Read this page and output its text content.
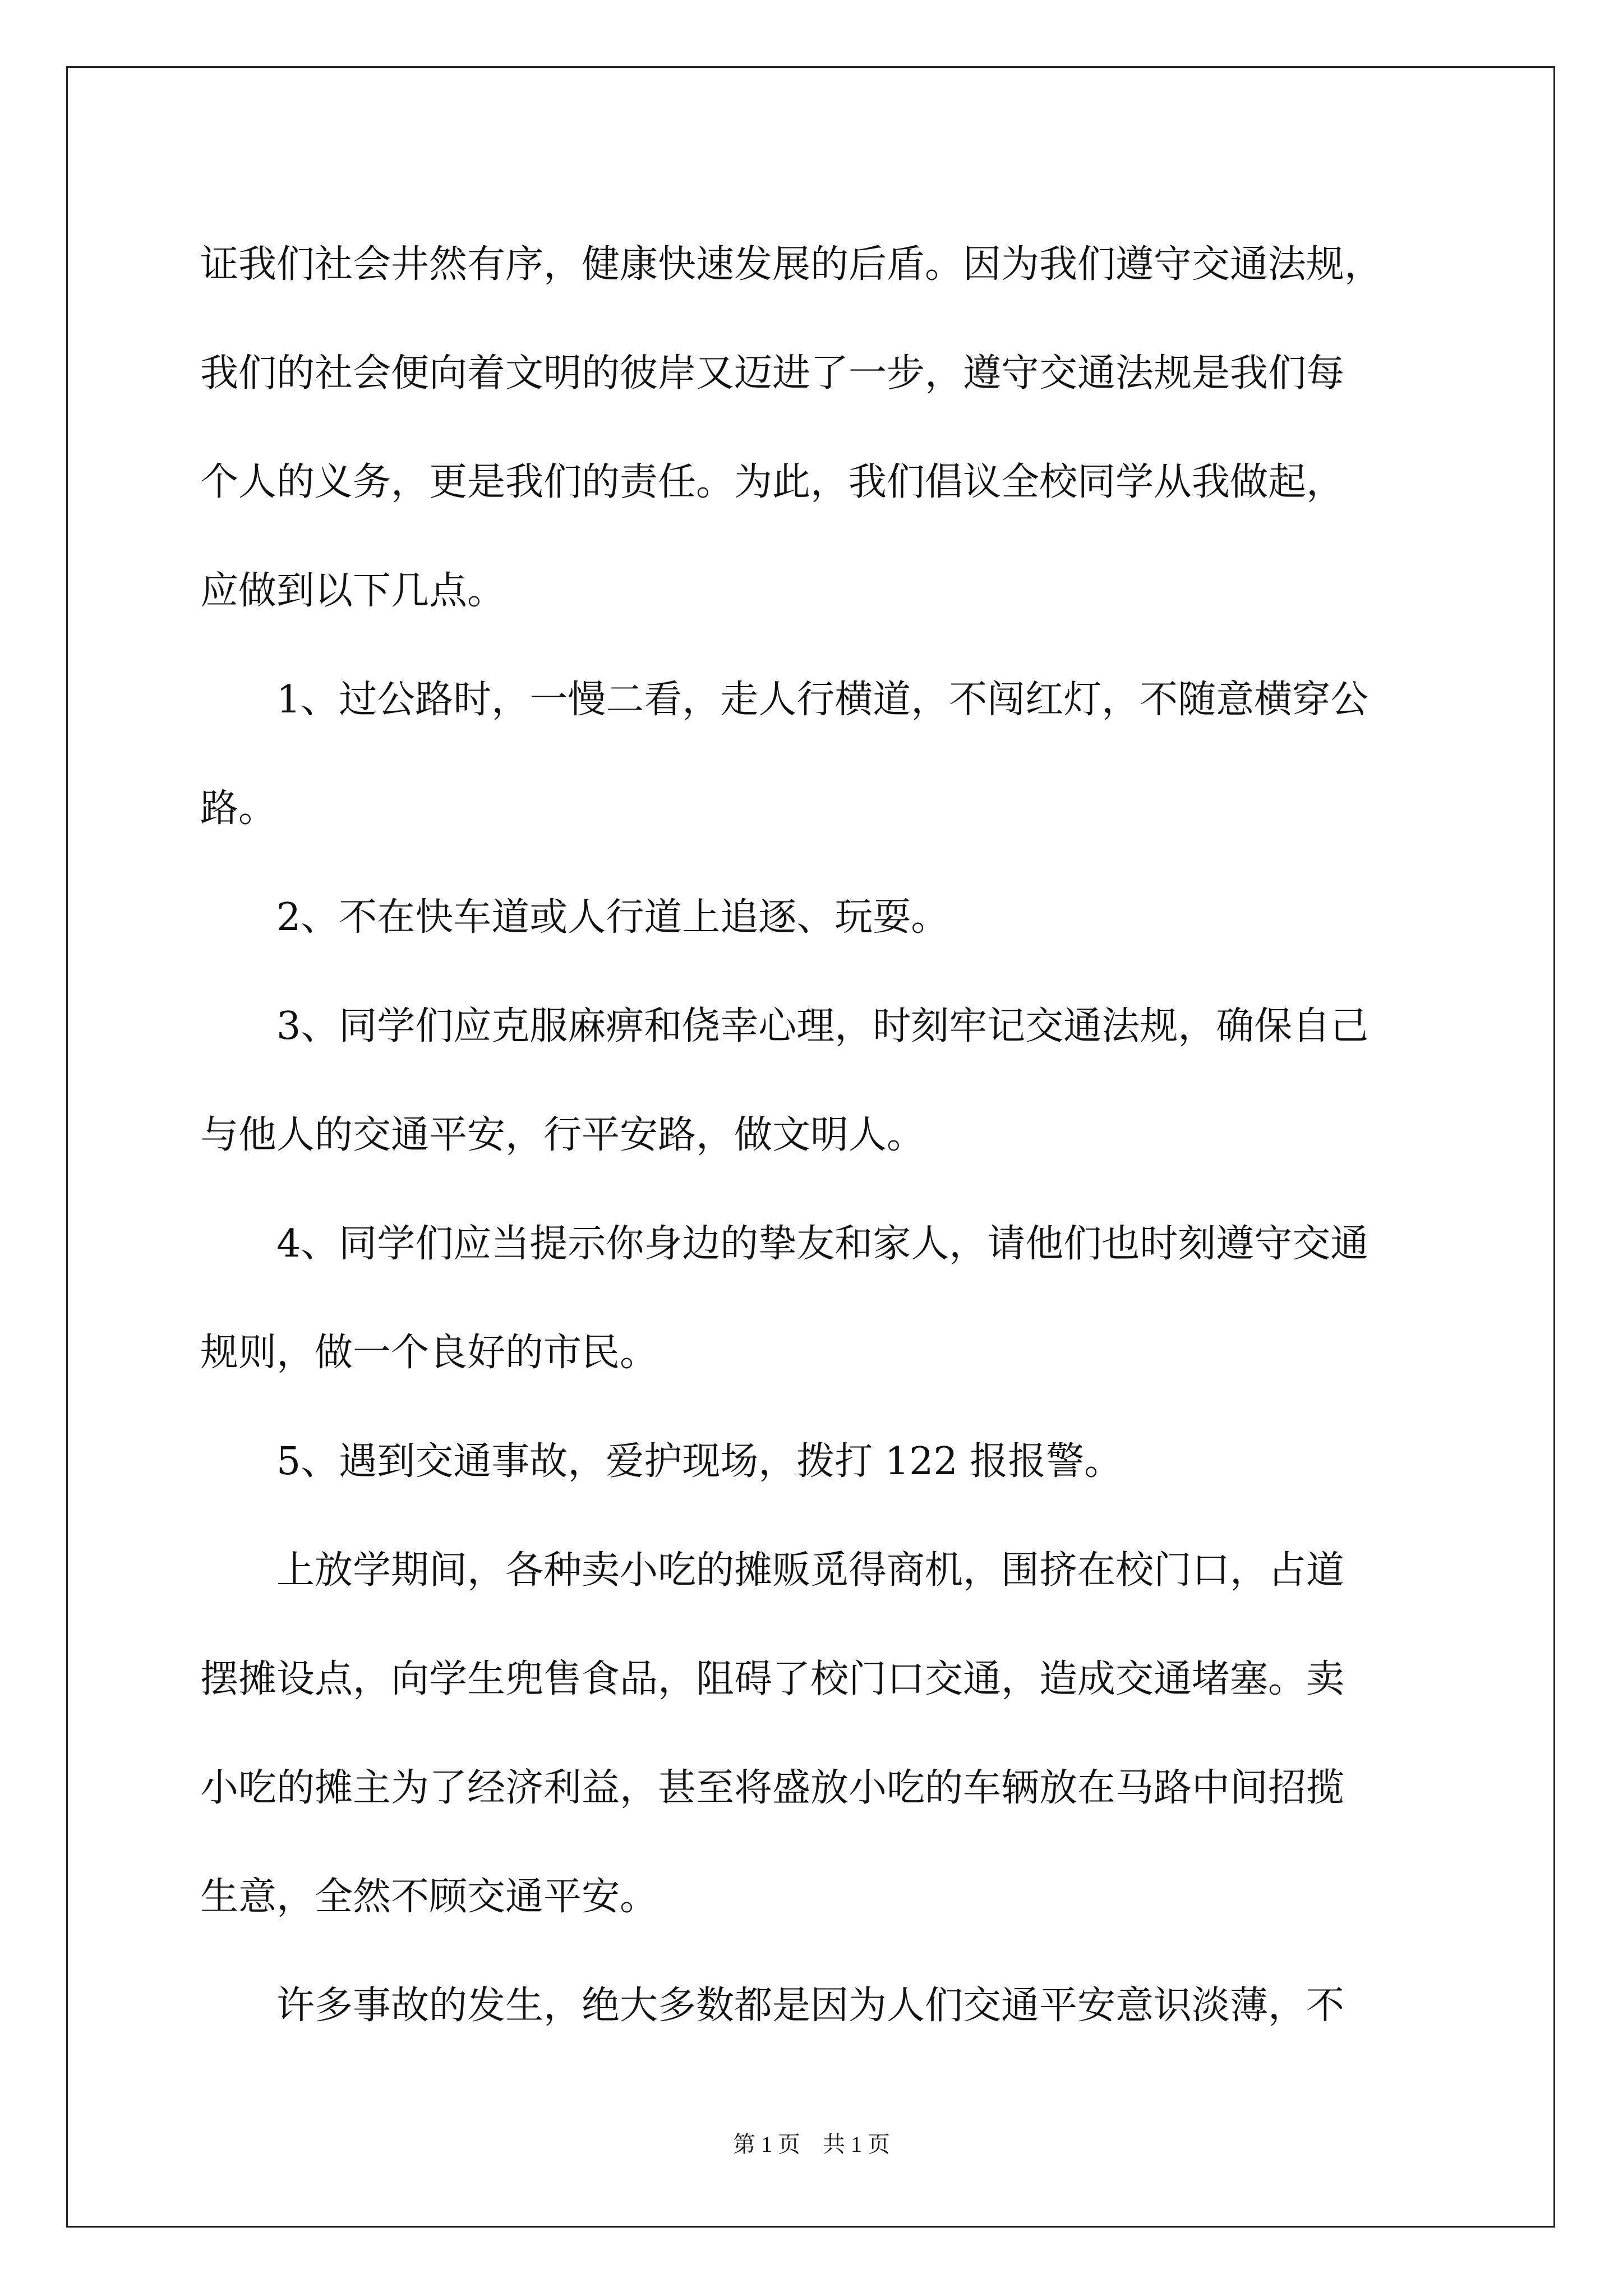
证我们社会井然有序，健康快速发展的后盾。因为我们遵守交通法规，
我们的社会便向着文明的彼岸又迈进了一步，遵守交通法规是我们每
个人的义务，更是我们的责任。为此，我们倡议全校同学从我做起，
应做到以下几点。
1、过公路时，一慢二看，走人行横道，不闯红灯，不随意横穿公
路。
2、不在快车道或人行道上追逐、玩耍。
3、同学们应克服麻痹和侥幸心理，时刻牢记交通法规，确保自己
与他人的交通平安，行平安路，做文明人。
4、同学们应当提示你身边的挚友和家人，请他们也时刻遵守交通
规则，做一个良好的市民。
5、遇到交通事故，爱护现场，拨打 122 报报警。
上放学期间，各种卖小吃的摊贩觅得商机，围挤在校门口，占道
摆摊设点，向学生兜售食品，阻碍了校门口交通，造成交通堵塞。卖
小吃的摊主为了经济利益，甚至将盛放小吃的车辆放在马路中间招揽
生意，全然不顾交通平安。
许多事故的发生，绝大多数都是因为人们交通平安意识淡薄，不
第 1 页　共 1 页
